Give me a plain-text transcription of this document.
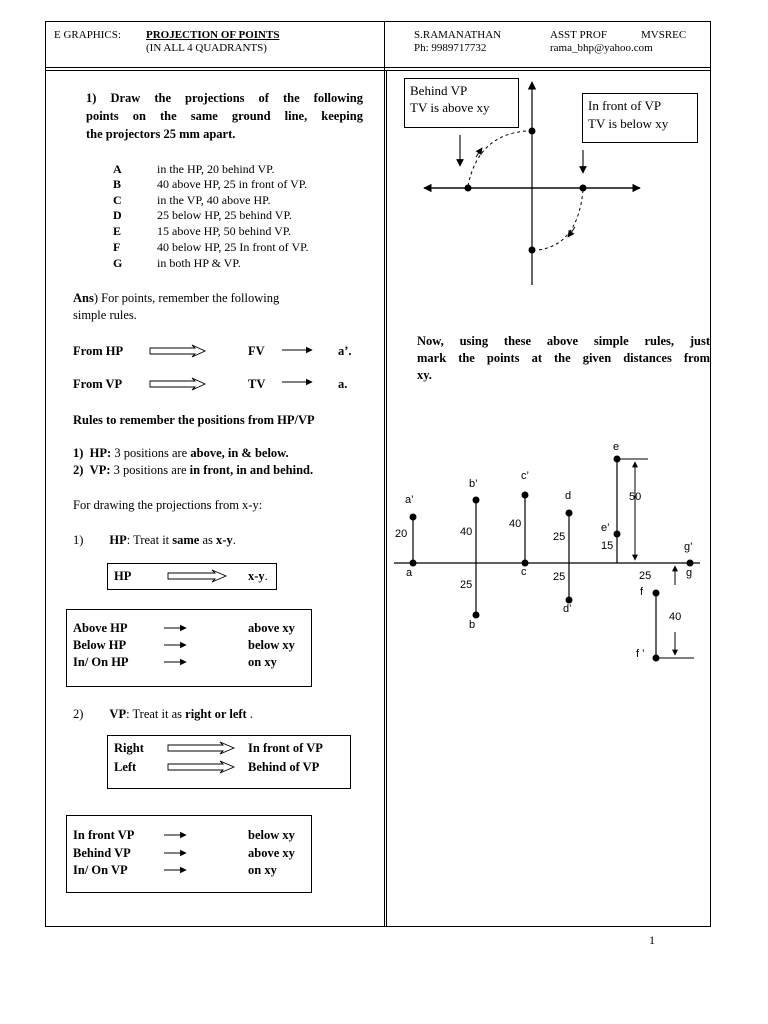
E GRAPHICS: PROJECTION OF POINTS
(IN ALL 4 QUADRANTS)
S.RAMANATHAN	ASST PROF	MVSREC
Ph: 9989717732	rama_bhp@yahoo.com
1) Draw the projections of the following
points on the same ground line, keeping
the projectors 25 mm apart.
A	in the HP, 20 behind VP.
B	40 above HP, 25 in front of VP.
C	in the VP, 40 above HP.
D	25 below HP, 25 behind VP.
E	15 above HP, 50 behind VP.
F	40 below HP, 25 In front of VP.
G	in both HP & VP.
Ans) For points, remember the following
simple rules.
From HP	FV	a’.
From VP	TV	a.
Rules to remember the positions from HP/VP
1) HP: 3 positions are above, in & below.
2) VP: 3 positions are in front, in and behind.
For drawing the projections from x-y:
1) HP: Treat it same as x-y.
HP	x-y.
Above HP	above xy
Below HP	below xy
In/ On HP	on xy
2) VP: Treat it as right or left .
Right	In front of VP
Left	Behind of VP
In front VP	below xy
Behind VP	above xy
In/ On VP	on xy
Behind VP
TV is above xy	In front of VP
TV is below xy
Now, using these above simple rules, just
mark the points at the given distances from
xy.
a’
a
20
b’
b
40
25
c’
c
40
d
d’
25
25
e
e’
50
15
f
f ’
25
40
g’
g
1
